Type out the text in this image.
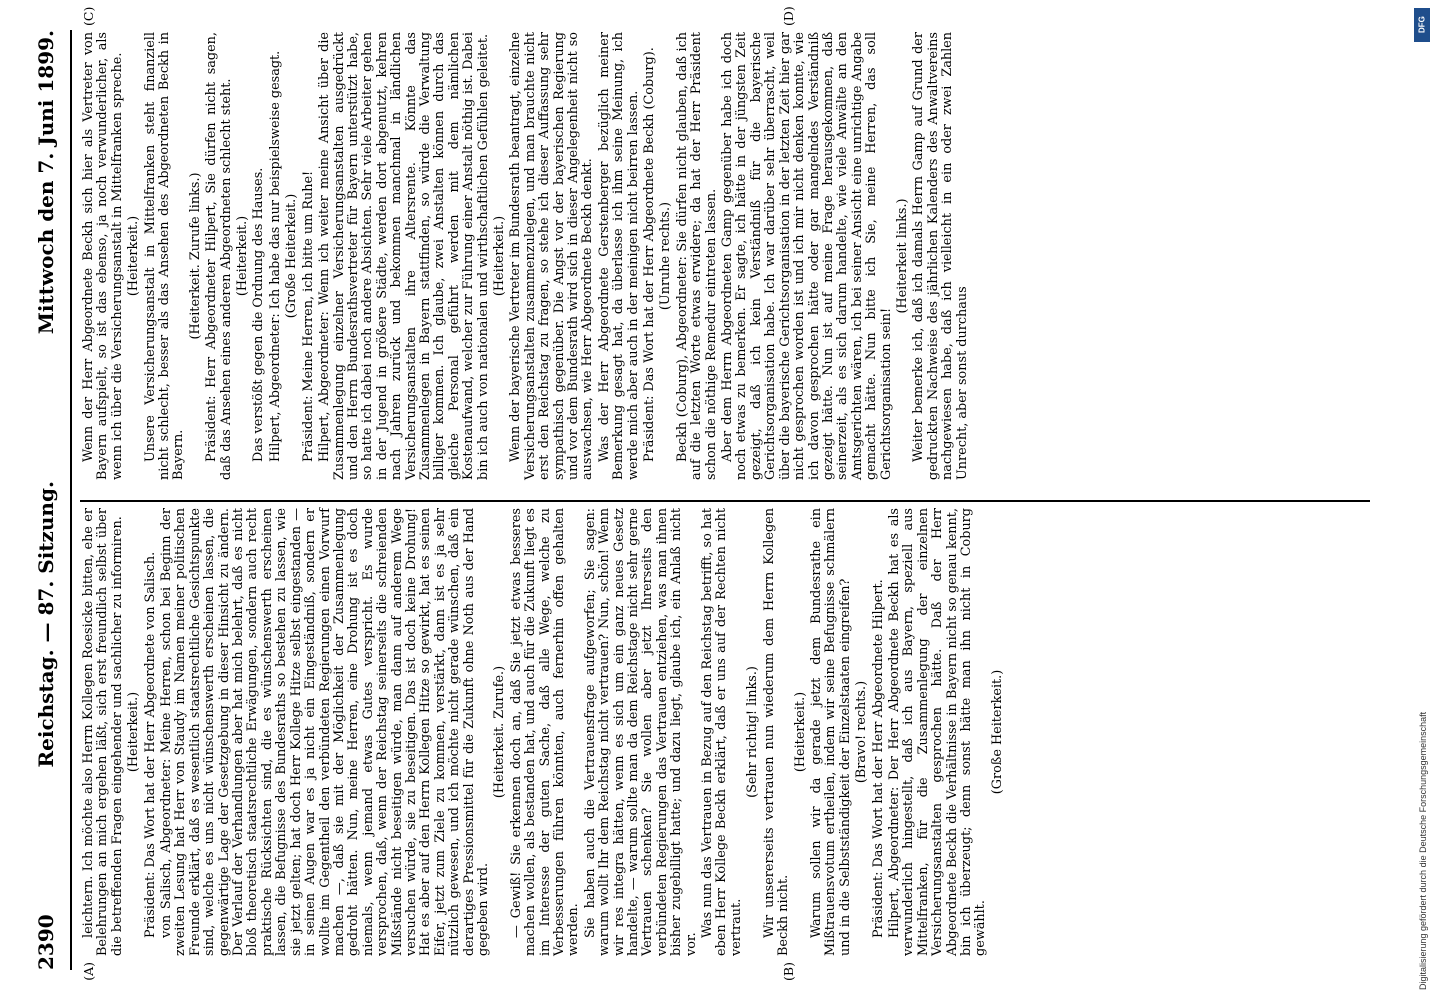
2390
Reichstag. — 87. Sitzung.
Mittwoch den 7. Juni 1899.
(A)	(B)

leichtern. Ich möchte also Herrn Kollegen Roesicke bitten, ehe er Belehrungen an mich ergehen läßt, sich erst freundlich selbst über die betreffenden Fragen eingehender und sachlicher zu informiren. (Heiterkeit.) Präsident: Das Wort hat der Herr Abgeordnete von Salisch. von Salisch, Abgeordneter: Meine Herren, schon bei Beginn der zweiten Lesung hat Herr von Staudy im Namen meiner politischen Freunde erklärt, daß es wesentlich staatsrechtliche Gesichtspunkte sind, welche es uns nicht wünschenswerth erscheinen lassen, die gegenwärtige Lage der Gesetzgebung in dieser Hinsicht zu ändern. Der Verlauf der Verhandlungen aber hat mich belehrt, daß es nicht bloß theoretisch staatsrechtliche Erwägungen, sondern auch recht praktische Rücksichten sind, die es wünschenswerth erscheinen lassen, die Befugnisse des Bundesraths so bestehen zu lassen, wie sie jetzt gelten; hat doch Herr Kollege Hitze selbst eingestanden — in seinen Augen war es ja nicht ein Eingeständniß, sondern er wollte im Gegentheil den verbündeten Regierungen einen Vorwurf machen —, daß sie mit der Möglichkeit der Zusammenlegung gedroht hätten. Nun, meine Herren, eine Drohung ist es doch niemals, wenn jemand etwas Gutes verspricht. Es wurde versprochen, daß, wenn der Reichstag seinerseits die schreienden Mißstände nicht beseitigen würde, man dann auf anderem Wege versuchen würde, sie zu beseitigen. Das ist doch keine Drohung! Hat es aber auf den Herrn Kollegen Hitze so gewirkt, hat es seinen Eifer, jetzt zum Ziele zu kommen, verstärkt, dann ist es ja sehr nützlich gewesen, und ich möchte nicht gerade wünschen, daß ein derartiges Pressionsmittel für die Zukunft ohne Noth aus der Hand gegeben wird.

(Heiterkeit. Zurufe.) — Gewiß! Sie erkennen doch an, daß Sie jetzt etwas besseres machen wollen, als bestanden hat, und auch für die Zukunft liegt es im Interesse der guten Sache, daß alle Wege, welche zu Verbesserungen führen könnten, auch fernerhin offen gehalten werden. Sie haben auch die Vertrauensfrage aufgeworfen; Sie sagen: warum wollt Ihr dem Reichstag nicht vertrauen? Nun, schön! Wenn wir res integra hätten, wenn es sich um ein ganz neues Gesetz handelte, — warum sollte man da dem Reichstage nicht sehr gerne Vertrauen schenken? Sie wollen aber jetzt Ihrerseits den verbündeten Regierungen das Vertrauen entziehen, was man ihnen bisher zugebilligt hatte; und dazu liegt, glaube ich, ein Anlaß nicht vor.

Was nun das Vertrauen in Bezug auf den Reichstag betrifft, so hat eben Herr Kollege Beckh erklärt, daß er uns auf der Rechten nicht vertraut.

(Sehr richtig! links.) Wir unsererseits vertrauen nun wiederum dem Herrn Kollegen Beckh nicht.

(Heiterkeit.) Warum sollen wir da gerade jetzt dem Bundesrathe ein Mißtrauensvotum ertheilen, indem wir seine Befugnisse schmälern und in die Selbstständigkeit der Einzelstaaten eingreifen? (Bravo! rechts.) Präsident: Das Wort hat der Herr Abgeordnete Hilpert. Hilpert, Abgeordneter: Der Herr Abgeordnete Beckh hat es als verwunderlich hingestellt, daß ich aus Bayern, speziell aus Mittelfranken, für die Zusammenlegung der einzelnen Versicherungsanstalten gesprochen hätte. Daß der Herr Abgeordnete Beckh die Verhältnisse in Bayern nicht so genau kennt, bin ich überzeugt; denn sonst hätte man ihn nicht in Coburg gewählt.

(Große Heiterkeit.)

(C)	(D)

Wenn der Herr Abgeordnete Beckh sich hier als Vertreter von Bayern aufspielt, so ist das ebenso, ja noch verwunderlicher, als wenn ich über die Versicherungsanstalt in Mittelfranken spreche. (Heiterkeit.) Unsere Versicherungsanstalt in Mittelfranken steht finanziell nicht schlecht, besser als das Ansehen des Abgeordneten Beckh in Bayern.

(Heiterkeit. Zurufe links.) Präsident: Herr Abgeordneter Hilpert, Sie dürfen nicht sagen, daß das Ansehen eines anderen Abgeordneten schlecht steht. (Heiterkeit.) Das verstößt gegen die Ordnung des Hauses. Hilpert, Abgeordneter: Ich habe das nur beispielsweise gesagt. (Große Heiterkeit.) Präsident: Meine Herren, ich bitte um Ruhe! Hilpert, Abgeordneter: Wenn ich weiter meine Ansicht über die Zusammenlegung einzelner Versicherungsanstalten ausgedrückt und den Herrn Bundesrathsvertreter für Bayern unterstützt habe, so hatte ich dabei noch andere Absichten. Sehr viele Arbeiter gehen in der Jugend in größere Städte, werden dort abgenutzt, kehren nach Jahren zurück und bekommen manchmal in ländlichen Versicherungsanstalten ihre Altersrente. Könnte das Zusammenlegen in Bayern stattfinden, so würde die Verwaltung billiger kommen. Ich glaube, zwei Anstalten können durch das gleiche Personal geführt werden mit dem nämlichen Kostenaufwand, welcher zur Führung einer Anstalt nöthig ist. Dabei bin ich auch von nationalen und wirthschaftlichen Gefühlen geleitet. (Heiterkeit.) Wenn der bayerische Vertreter im Bundesrath beantragt, einzelne Versicherungsanstalten zusammenzulegen, und man brauchte nicht erst den Reichstag zu fragen, so stehe ich dieser Auffassung sehr sympathisch gegenüber. Die Angst vor der bayerischen Regierung und vor dem Bundesrath wird sich in dieser Angelegenheit nicht so auswachsen, wie Herr Abgeordnete Beckh denkt. Was der Herr Abgeordnete Gerstenberger bezüglich meiner Bemerkung gesagt hat, da überlasse ich ihm seine Meinung, ich werde mich aber auch in der meinigen nicht beirren lassen. Präsident: Das Wort hat der Herr Abgeordnete Beckh (Coburg). (Unruhe rechts.) Beckh (Coburg), Abgeordneter: Sie dürfen nicht glauben, daß ich auf die letzten Worte etwas erwidere; da hat der Herr Präsident schon die nöthige Remedur eintreten lassen. Aber dem Herrn Abgeordneten Gamp gegenüber habe ich doch noch etwas zu bemerken. Er sagte, ich hätte in der jüngsten Zeit gezeigt, daß ich kein Verständniß für die bayerische Gerichtsorganisation habe. Ich war darüber sehr überrascht, weil über die bayerische Gerichtsorganisation in der letzten Zeit hier gar nicht gesprochen worden ist und ich mir nicht denken konnte, wie ich davon gesprochen hätte oder gar mangelndes Verständniß gezeigt hätte. Nun ist auf meine Frage herausgekommen, daß seinerzeit, als es sich darum handelte, wie viele Anwälte an den Amtsgerichten wären, ich bei seiner Ansicht eine unrichtige Angabe gemacht hätte. Nun bitte ich Sie, meine Herren, das soll Gerichtsorganisation sein!

(Heiterkeit links.) Weiter bemerke ich, daß ich damals Herrn Gamp auf Grund der gedruckten Nachweise des jährlichen Kalenders des Anwaltvereins nachgewiesen habe, daß ich vielleicht in ein oder zwei Zahlen Unrecht, aber sonst durchaus

Digitalisierung gefördert durch die Deutsche Forschungsgemeinschaft
DFG
